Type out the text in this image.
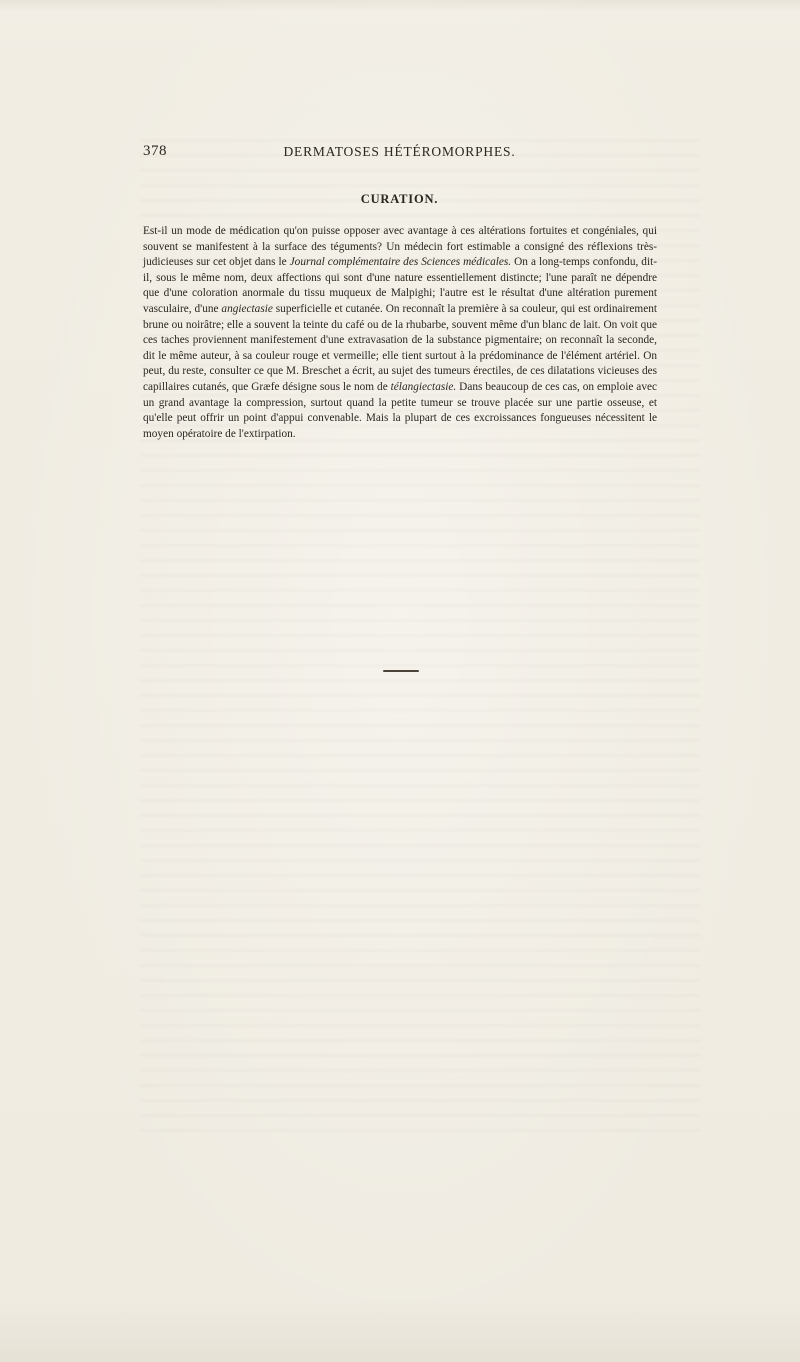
378	DERMATOSES HÉTÉROMORPHES.
CURATION.

Est-il un mode de médication qu'on puisse opposer avec avantage à ces altérations fortuites et congéniales, qui souvent se manifestent à la surface des téguments? Un médecin fort estimable a consigné des réflexions très-judicieuses sur cet objet dans le Journal complémentaire des Sciences médicales. On a long-temps confondu, dit-il, sous le même nom, deux affections qui sont d'une nature essentiellement distincte; l'une paraît ne dépendre que d'une coloration anormale du tissu muqueux de Malpighi; l'autre est le résultat d'une altération purement vasculaire, d'une angiectasie superficielle et cutanée. On reconnaît la première à sa couleur, qui est ordinairement brune ou noirâtre; elle a souvent la teinte du café ou de la rhubarbe, souvent même d'un blanc de lait. On voit que ces taches proviennent manifestement d'une extravasation de la substance pigmentaire; on reconnaît la seconde, dit le même auteur, à sa couleur rouge et vermeille; elle tient surtout à la prédominance de l'élément artériel. On peut, du reste, consulter ce que M. Breschet a écrit, au sujet des tumeurs érectiles, de ces dilatations vicieuses des capillaires cutanés, que Græfe désigne sous le nom de télangiectasie. Dans beaucoup de ces cas, on emploie avec un grand avantage la compression, surtout quand la petite tumeur se trouve placée sur une partie osseuse, et qu'elle peut offrir un point d'appui convenable. Mais la plupart de ces excroissances fongueuses nécessitent le moyen opératoire de l'extirpation.
